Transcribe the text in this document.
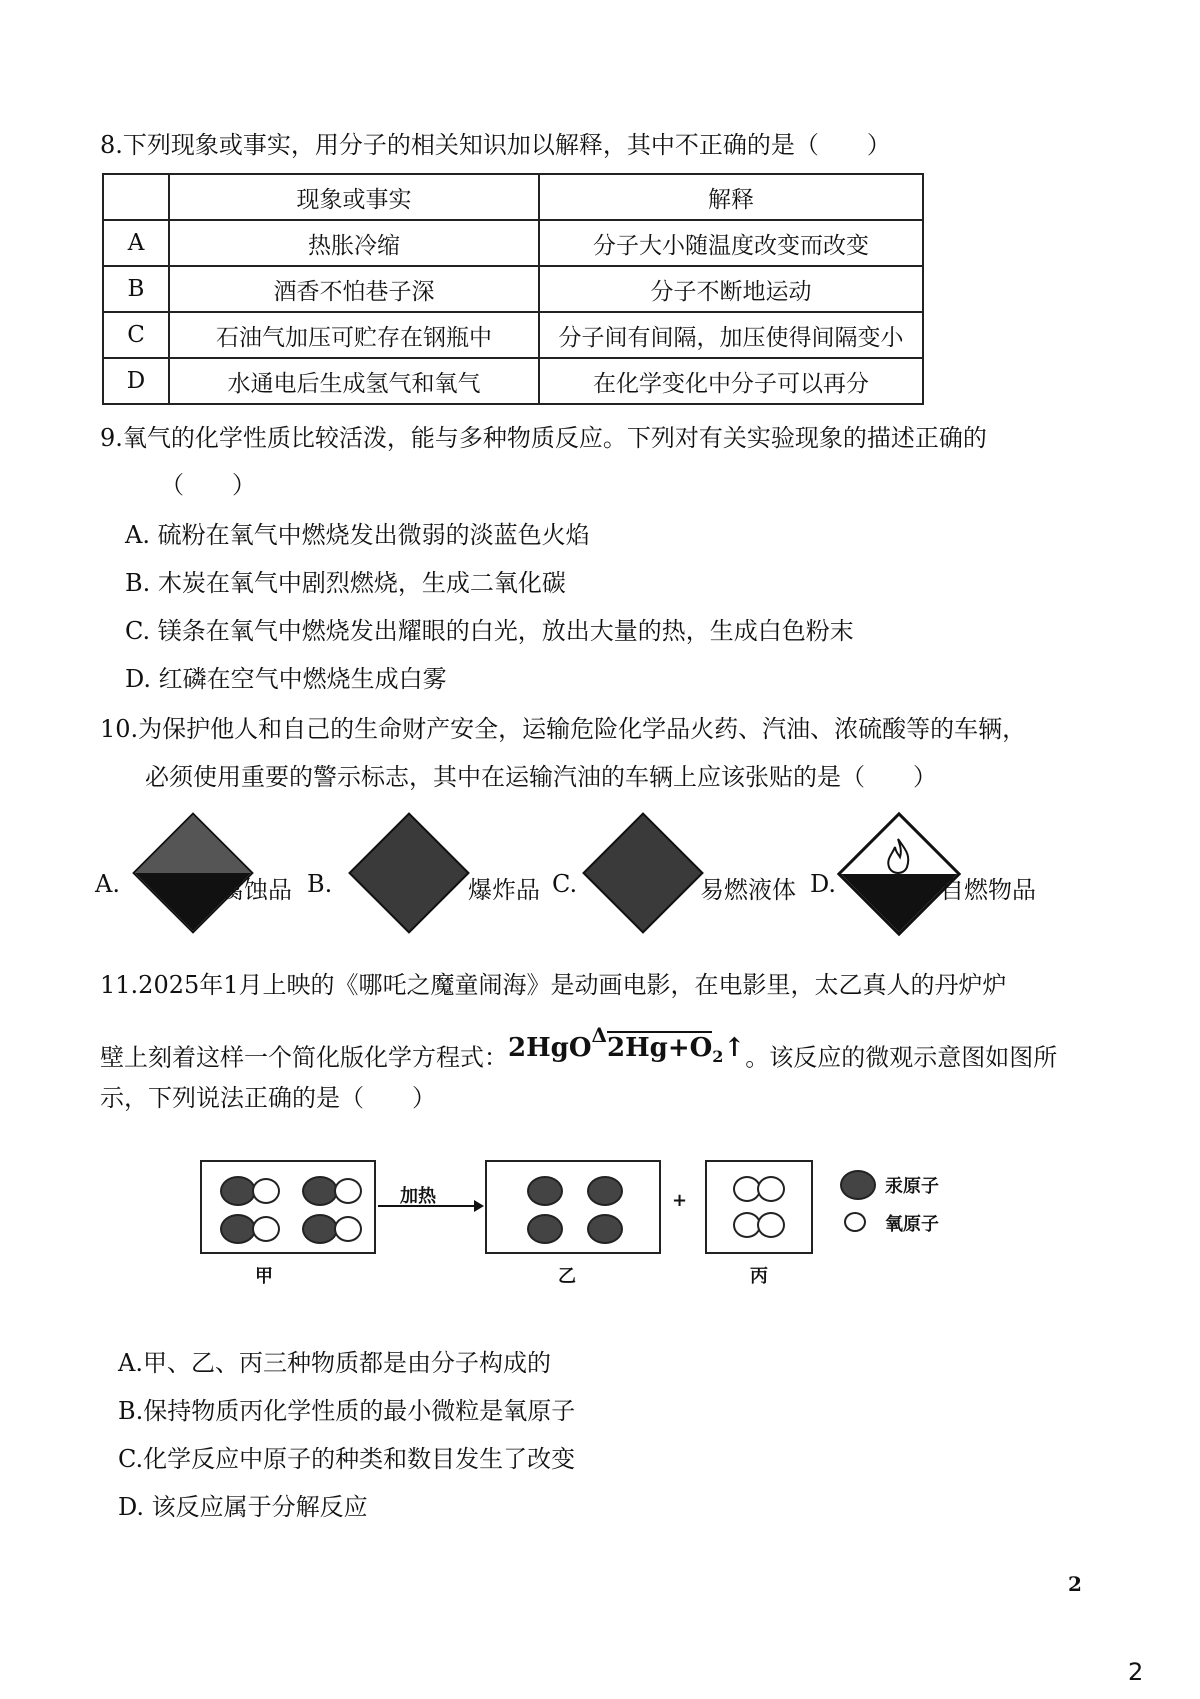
8.下列现象或事实，用分子的相关知识加以解释，其中不正确的是（　　）
	现象或事实	解释
A	热胀冷缩	分子大小随温度改变而改变
B	酒香不怕巷子深	分子不断地运动
C	石油气加压可贮存在钢瓶中	分子间有间隔，加压使得间隔变小
D	水通电后生成氢气和氧气	在化学变化中分子可以再分
9.氧气的化学性质比较活泼，能与多种物质反应。下列对有关实验现象的描述正确的
（　　）
A. 硫粉在氧气中燃烧发出微弱的淡蓝色火焰
B. 木炭在氧气中剧烈燃烧，生成二氧化碳
C. 镁条在氧气中燃烧发出耀眼的白光，放出大量的热，生成白色粉末
D. 红磷在空气中燃烧生成白雾
10.为保护他人和自己的生命财产安全，运输危险化学品火药、汽油、浓硫酸等的车辆，
必须使用重要的警示标志，其中在运输汽油的车辆上应该张贴的是（　　）
A.	腐蚀品 B.	爆炸品 C.	易燃液体 D.	自燃物品
11.2025年1月上映的《哪吒之魔童闹海》是动画电影，在电影里，太乙真人的丹炉炉
壁上刻着这样一个简化版化学方程式：$2HgO^\Delta 2Hg+O_2↑$。该反应的微观示意图如图所
示，下列说法正确的是（　　）
加热	+
汞原子
氧原子
甲	乙	丙
A.甲、乙、丙三种物质都是由分子构成的
B.保持物质丙化学性质的最小微粒是氧原子
C.化学反应中原子的种类和数目发生了改变
D. 该反应属于分解反应
2
2
